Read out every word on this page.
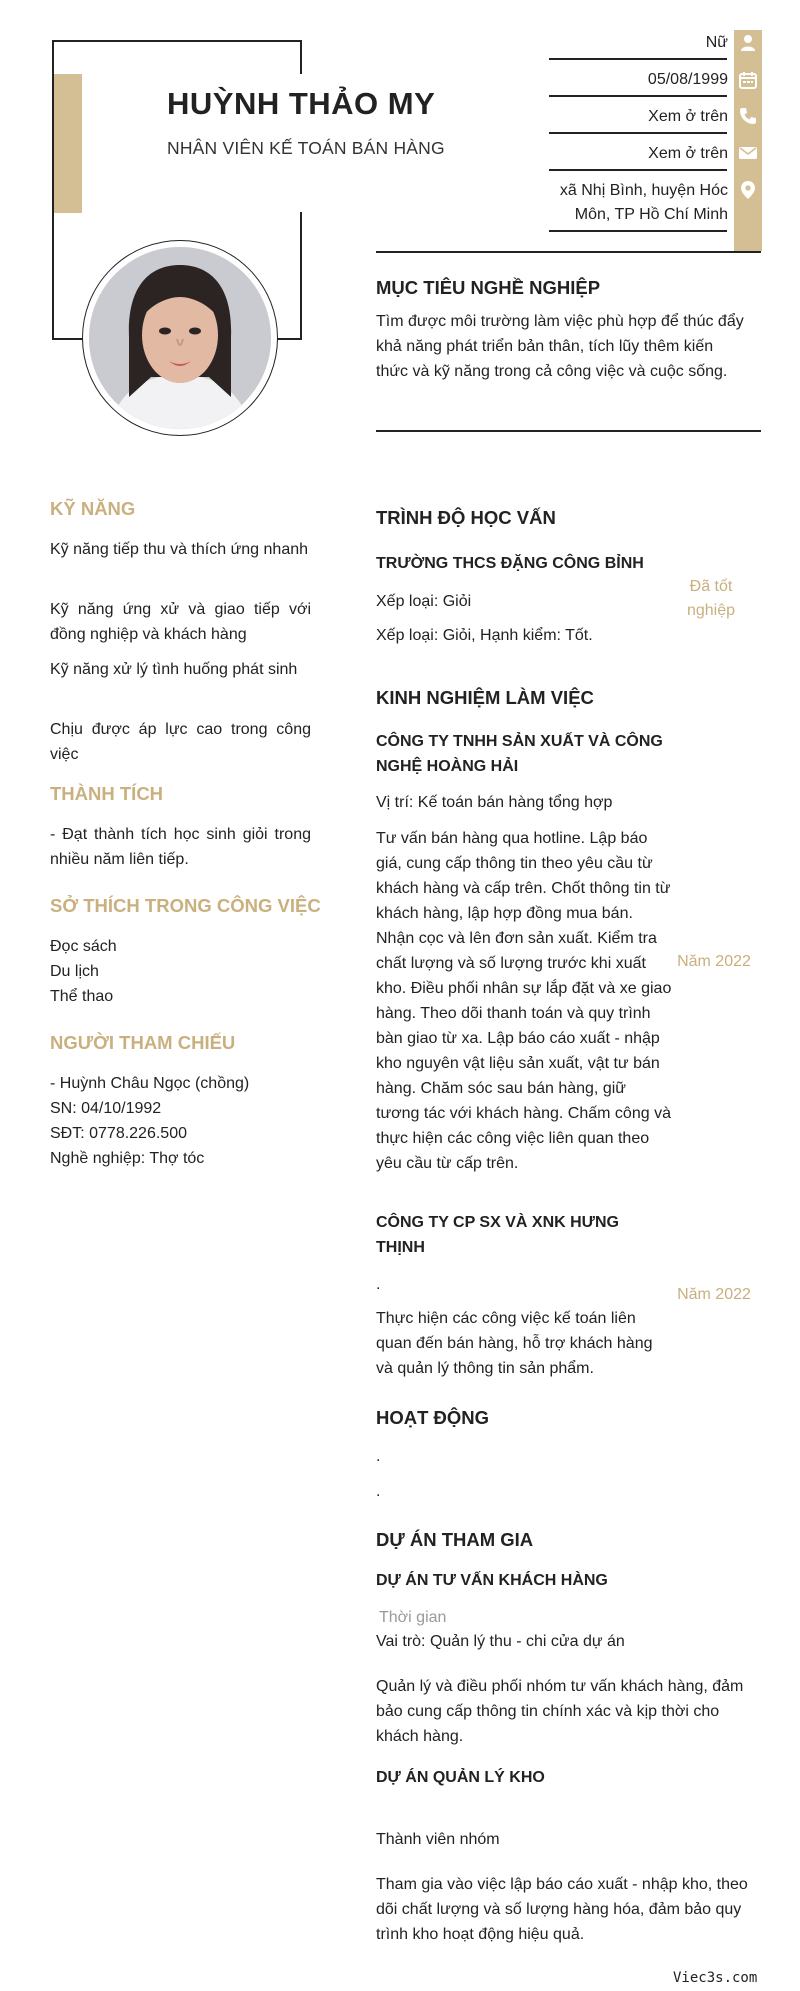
HUỲNH THẢO MY
NHÂN VIÊN KẾ TOÁN BÁN HÀNG
Nữ
05/08/1999
Xem ở trên
Xem ở trên
xã Nhị Bình, huyện Hóc
Môn, TP Hồ Chí Minh
MỤC TIÊU NGHỀ NGHIỆP
Tìm được môi trường làm việc phù hợp để thúc đẩy khả năng phát triển bản thân, tích lũy thêm kiến thức và kỹ năng trong cả công việc và cuộc sống.
KỸ NĂNG
Kỹ năng tiếp thu và thích ứng nhanh
Kỹ năng ứng xử và giao tiếp với đồng nghiệp và khách hàng
Kỹ năng xử lý tình huống phát sinh
Chịu được áp lực cao trong công việc
THÀNH TÍCH
- Đạt thành tích học sinh giỏi trong nhiều năm liên tiếp.
SỞ THÍCH TRONG CÔNG VIỆC
Đọc sách
Du lịch
Thể thao
NGƯỜI THAM CHIẾU
- Huỳnh Châu Ngọc (chồng)
SN: 04/10/1992
SĐT: 0778.226.500
Nghề nghiệp: Thợ tóc
TRÌNH ĐỘ HỌC VẤN
TRƯỜNG THCS ĐẶNG CÔNG BỈNH
Đã tốt nghiệp
Xếp loại: Giỏi
Xếp loại: Giỏi, Hạnh kiểm: Tốt.
KINH NGHIỆM LÀM VIỆC
CÔNG TY TNHH SẢN XUẤT VÀ CÔNG NGHỆ HOÀNG HẢI
Vị trí: Kế toán bán hàng tổng hợp
Tư vấn bán hàng qua hotline. Lập báo giá, cung cấp thông tin theo yêu cầu từ khách hàng và cấp trên. Chốt thông tin từ khách hàng, lập hợp đồng mua bán. Nhận cọc và lên đơn sản xuất. Kiểm tra chất lượng và số lượng trước khi xuất kho. Điều phối nhân sự lắp đặt và xe giao hàng. Theo dõi thanh toán và quy trình bàn giao từ xa. Lập báo cáo xuất - nhập kho nguyên vật liệu sản xuất, vật tư bán hàng. Chăm sóc sau bán hàng, giữ tương tác với khách hàng. Chấm công và thực hiện các công việc liên quan theo yêu cầu từ cấp trên.
Năm 2022
CÔNG TY CP SX VÀ XNK HƯNG THỊNH
.
Thực hiện các công việc kế toán liên quan đến bán hàng, hỗ trợ khách hàng và quản lý thông tin sản phẩm.
Năm 2022
HOẠT ĐỘNG
.
.
DỰ ÁN THAM GIA
DỰ ÁN TƯ VẤN KHÁCH HÀNG
Thời gian
Vai trò: Quản lý thu - chi cửa dự án
Quản lý và điều phối nhóm tư vấn khách hàng, đảm bảo cung cấp thông tin chính xác và kịp thời cho khách hàng.
DỰ ÁN QUẢN LÝ KHO
Thành viên nhóm
Tham gia vào việc lập báo cáo xuất - nhập kho, theo dõi chất lượng và số lượng hàng hóa, đảm bảo quy trình kho hoạt động hiệu quả.
Viec3s.com
